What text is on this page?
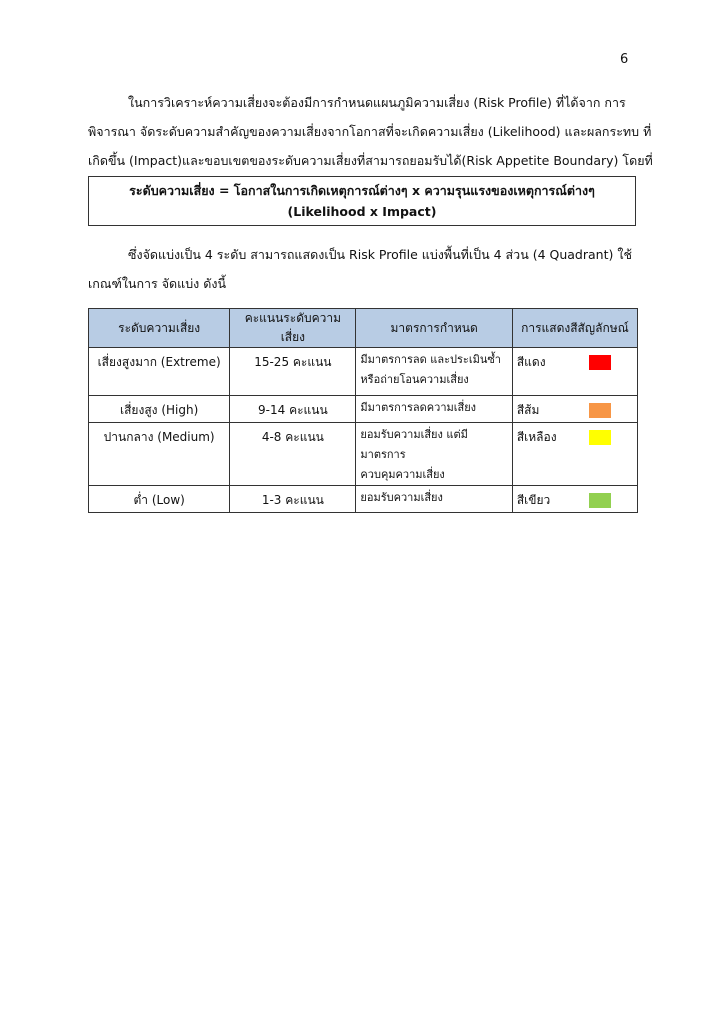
6
ในการวิเคราะห์ความเสี่ยงจะต้องมีการกำหนดแผนภูมิความเสี่ยง (Risk Profile) ที่ได้จาก การ
พิจารณา จัดระดับความสำคัญของความเสี่ยงจากโอกาสที่จะเกิดความเสี่ยง (Likelihood) และผลกระทบ ที่
เกิดขึ้น (Impact)และขอบเขตของระดับความเสี่ยงที่สามารถยอมรับได้(Risk Appetite Boundary) โดยที่
ระดับความเสี่ยง = โอกาสในการเกิดเหตุการณ์ต่างๆ x ความรุนแรงของเหตุการณ์ต่างๆ
(Likelihood x Impact)
ซึ่งจัดแบ่งเป็น 4 ระดับ สามารถแสดงเป็น Risk Profile แบ่งพื้นที่เป็น 4 ส่วน (4 Quadrant) ใช้
เกณฑ์ในการ จัดแบ่ง ดังนี้
ระดับความเสี่ยง	คะแนนระดับความเสี่ยง	มาตรการกำหนด	การแสดงสีสัญลักษณ์

เสี่ยงสูงมาก (Extreme)	15-25 คะแนน	มีมาตรการลด และประเมินซ้ำ
หรือถ่ายโอนความเสี่ยง	สีแดง

เสี่ยงสูง (High)	9-14 คะแนน	มีมาตรการลดความเสี่ยง	สีส้ม

ปานกลาง (Medium)	4-8 คะแนน	ยอมรับความเสี่ยง แต่มีมาตรการ
ควบคุมความเสี่ยง	สีเหลือง

ต่ำ (Low)	1-3 คะแนน	ยอมรับความเสี่ยง	สีเขียว
